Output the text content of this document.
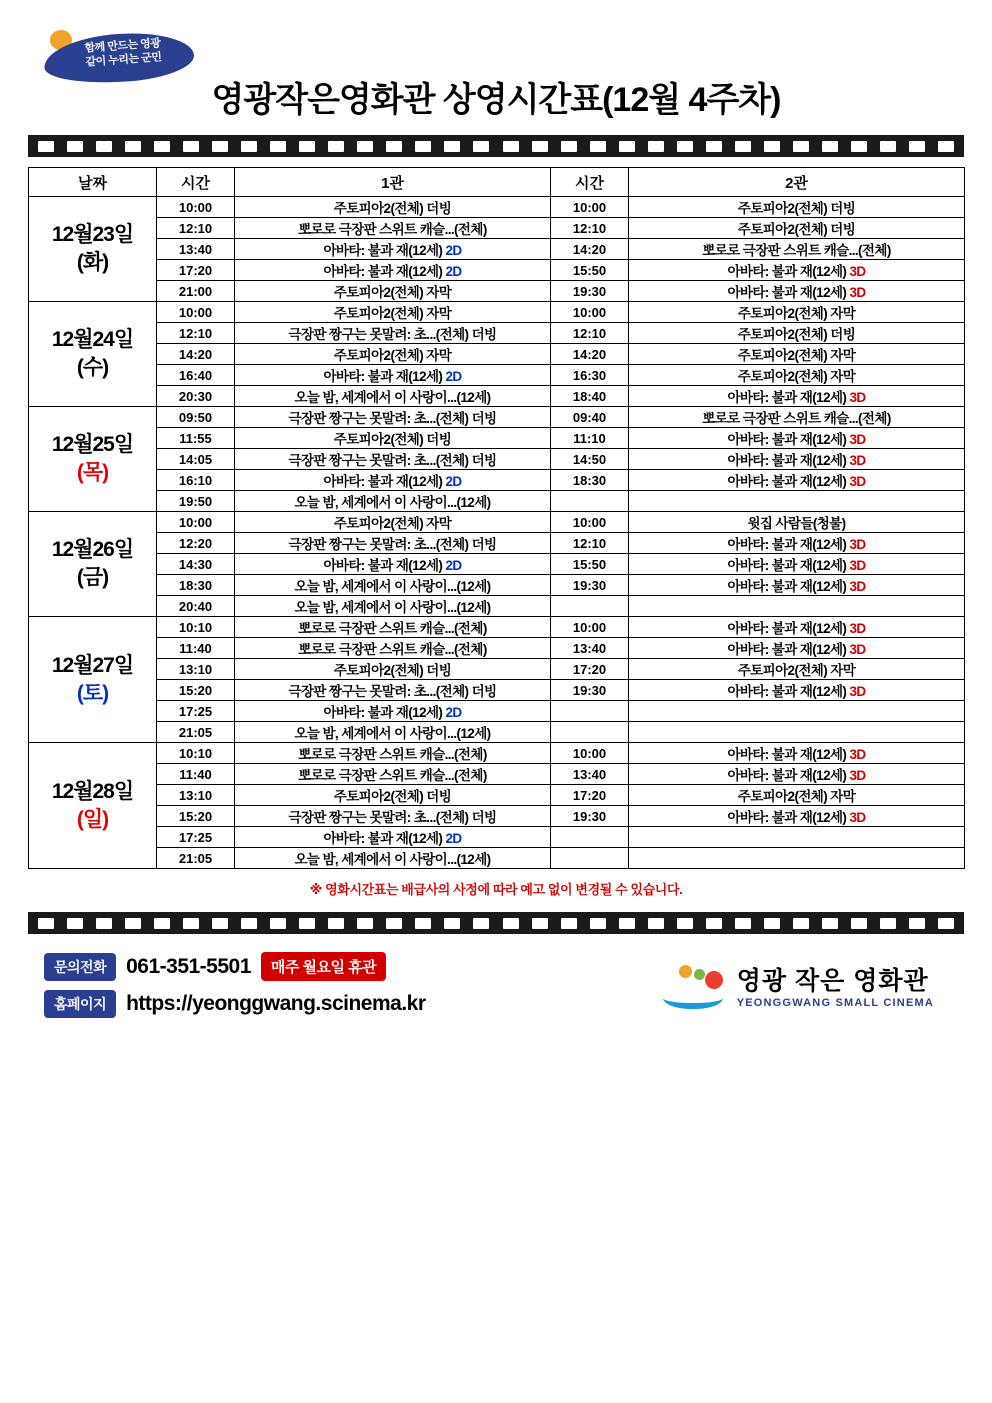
함께 만드는 영광
같이 누리는 군민
영광작은영화관 상영시간표(12월 4주차)
날짜	시간	1관	시간	2관

12월23일
(화)	10:00	주토피아2(전체) 더빙	10:00	주토피아2(전체) 더빙
	12:10	뽀로로 극장판 스위트 캐슬...(전체)	12:10	주토피아2(전체) 더빙
	13:40	아바타: 불과 재(12세) 2D	14:20	뽀로로 극장판 스위트 캐슬...(전체)
	17:20	아바타: 불과 재(12세) 2D	15:50	아바타: 불과 재(12세) 3D
	21:00	주토피아2(전체) 자막	19:30	아바타: 불과 재(12세) 3D

12월24일
(수)	10:00	주토피아2(전체) 자막	10:00	주토피아2(전체) 자막
	12:10	극장판 짱구는 못말려: 초...(전체) 더빙	12:10	주토피아2(전체) 더빙
	14:20	주토피아2(전체) 자막	14:20	주토피아2(전체) 자막
	16:40	아바타: 불과 재(12세) 2D	16:30	주토피아2(전체) 자막
	20:30	오늘 밤, 세계에서 이 사랑이...(12세)	18:40	아바타: 불과 재(12세) 3D

12월25일
(목)	09:50	극장판 짱구는 못말려: 초...(전체) 더빙	09:40	뽀로로 극장판 스위트 캐슬...(전체)
	11:55	주토피아2(전체) 더빙	11:10	아바타: 불과 재(12세) 3D
	14:05	극장판 짱구는 못말려: 초...(전체) 더빙	14:50	아바타: 불과 재(12세) 3D
	16:10	아바타: 불과 재(12세) 2D	18:30	아바타: 불과 재(12세) 3D
	19:50	오늘 밤, 세계에서 이 사랑이...(12세)		

12월26일
(금)	10:00	주토피아2(전체) 자막	10:00	윗집 사람들(청불)
	12:20	극장판 짱구는 못말려: 초...(전체) 더빙	12:10	아바타: 불과 재(12세) 3D
	14:30	아바타: 불과 재(12세) 2D	15:50	아바타: 불과 재(12세) 3D
	18:30	오늘 밤, 세계에서 이 사랑이...(12세)	19:30	아바타: 불과 재(12세) 3D
	20:40	오늘 밤, 세계에서 이 사랑이...(12세)		

12월27일
(토)	10:10	뽀로로 극장판 스위트 캐슬...(전체)	10:00	아바타: 불과 재(12세) 3D
	11:40	뽀로로 극장판 스위트 캐슬...(전체)	13:40	아바타: 불과 재(12세) 3D
	13:10	주토피아2(전체) 더빙	17:20	주토피아2(전체) 자막
	15:20	극장판 짱구는 못말려: 초...(전체) 더빙	19:30	아바타: 불과 재(12세) 3D
	17:25	아바타: 불과 재(12세) 2D		
	21:05	오늘 밤, 세계에서 이 사랑이...(12세)		

12월28일
(일)	10:10	뽀로로 극장판 스위트 캐슬...(전체)	10:00	아바타: 불과 재(12세) 3D
	11:40	뽀로로 극장판 스위트 캐슬...(전체)	13:40	아바타: 불과 재(12세) 3D
	13:10	주토피아2(전체) 더빙	17:20	주토피아2(전체) 자막
	15:20	극장판 짱구는 못말려: 초...(전체) 더빙	19:30	아바타: 불과 재(12세) 3D
	17:25	아바타: 불과 재(12세) 2D		
	21:05	오늘 밤, 세계에서 이 사랑이...(12세)		
※ 영화시간표는 배급사의 사정에 따라 예고 없이 변경될 수 있습니다.
문의전화 061-351-5501	매주 월요일 휴관
홈페이지 https://yeonggwang.scinema.kr
영광 작은 영화관
YEONGGWANG SMALL CINEMA
